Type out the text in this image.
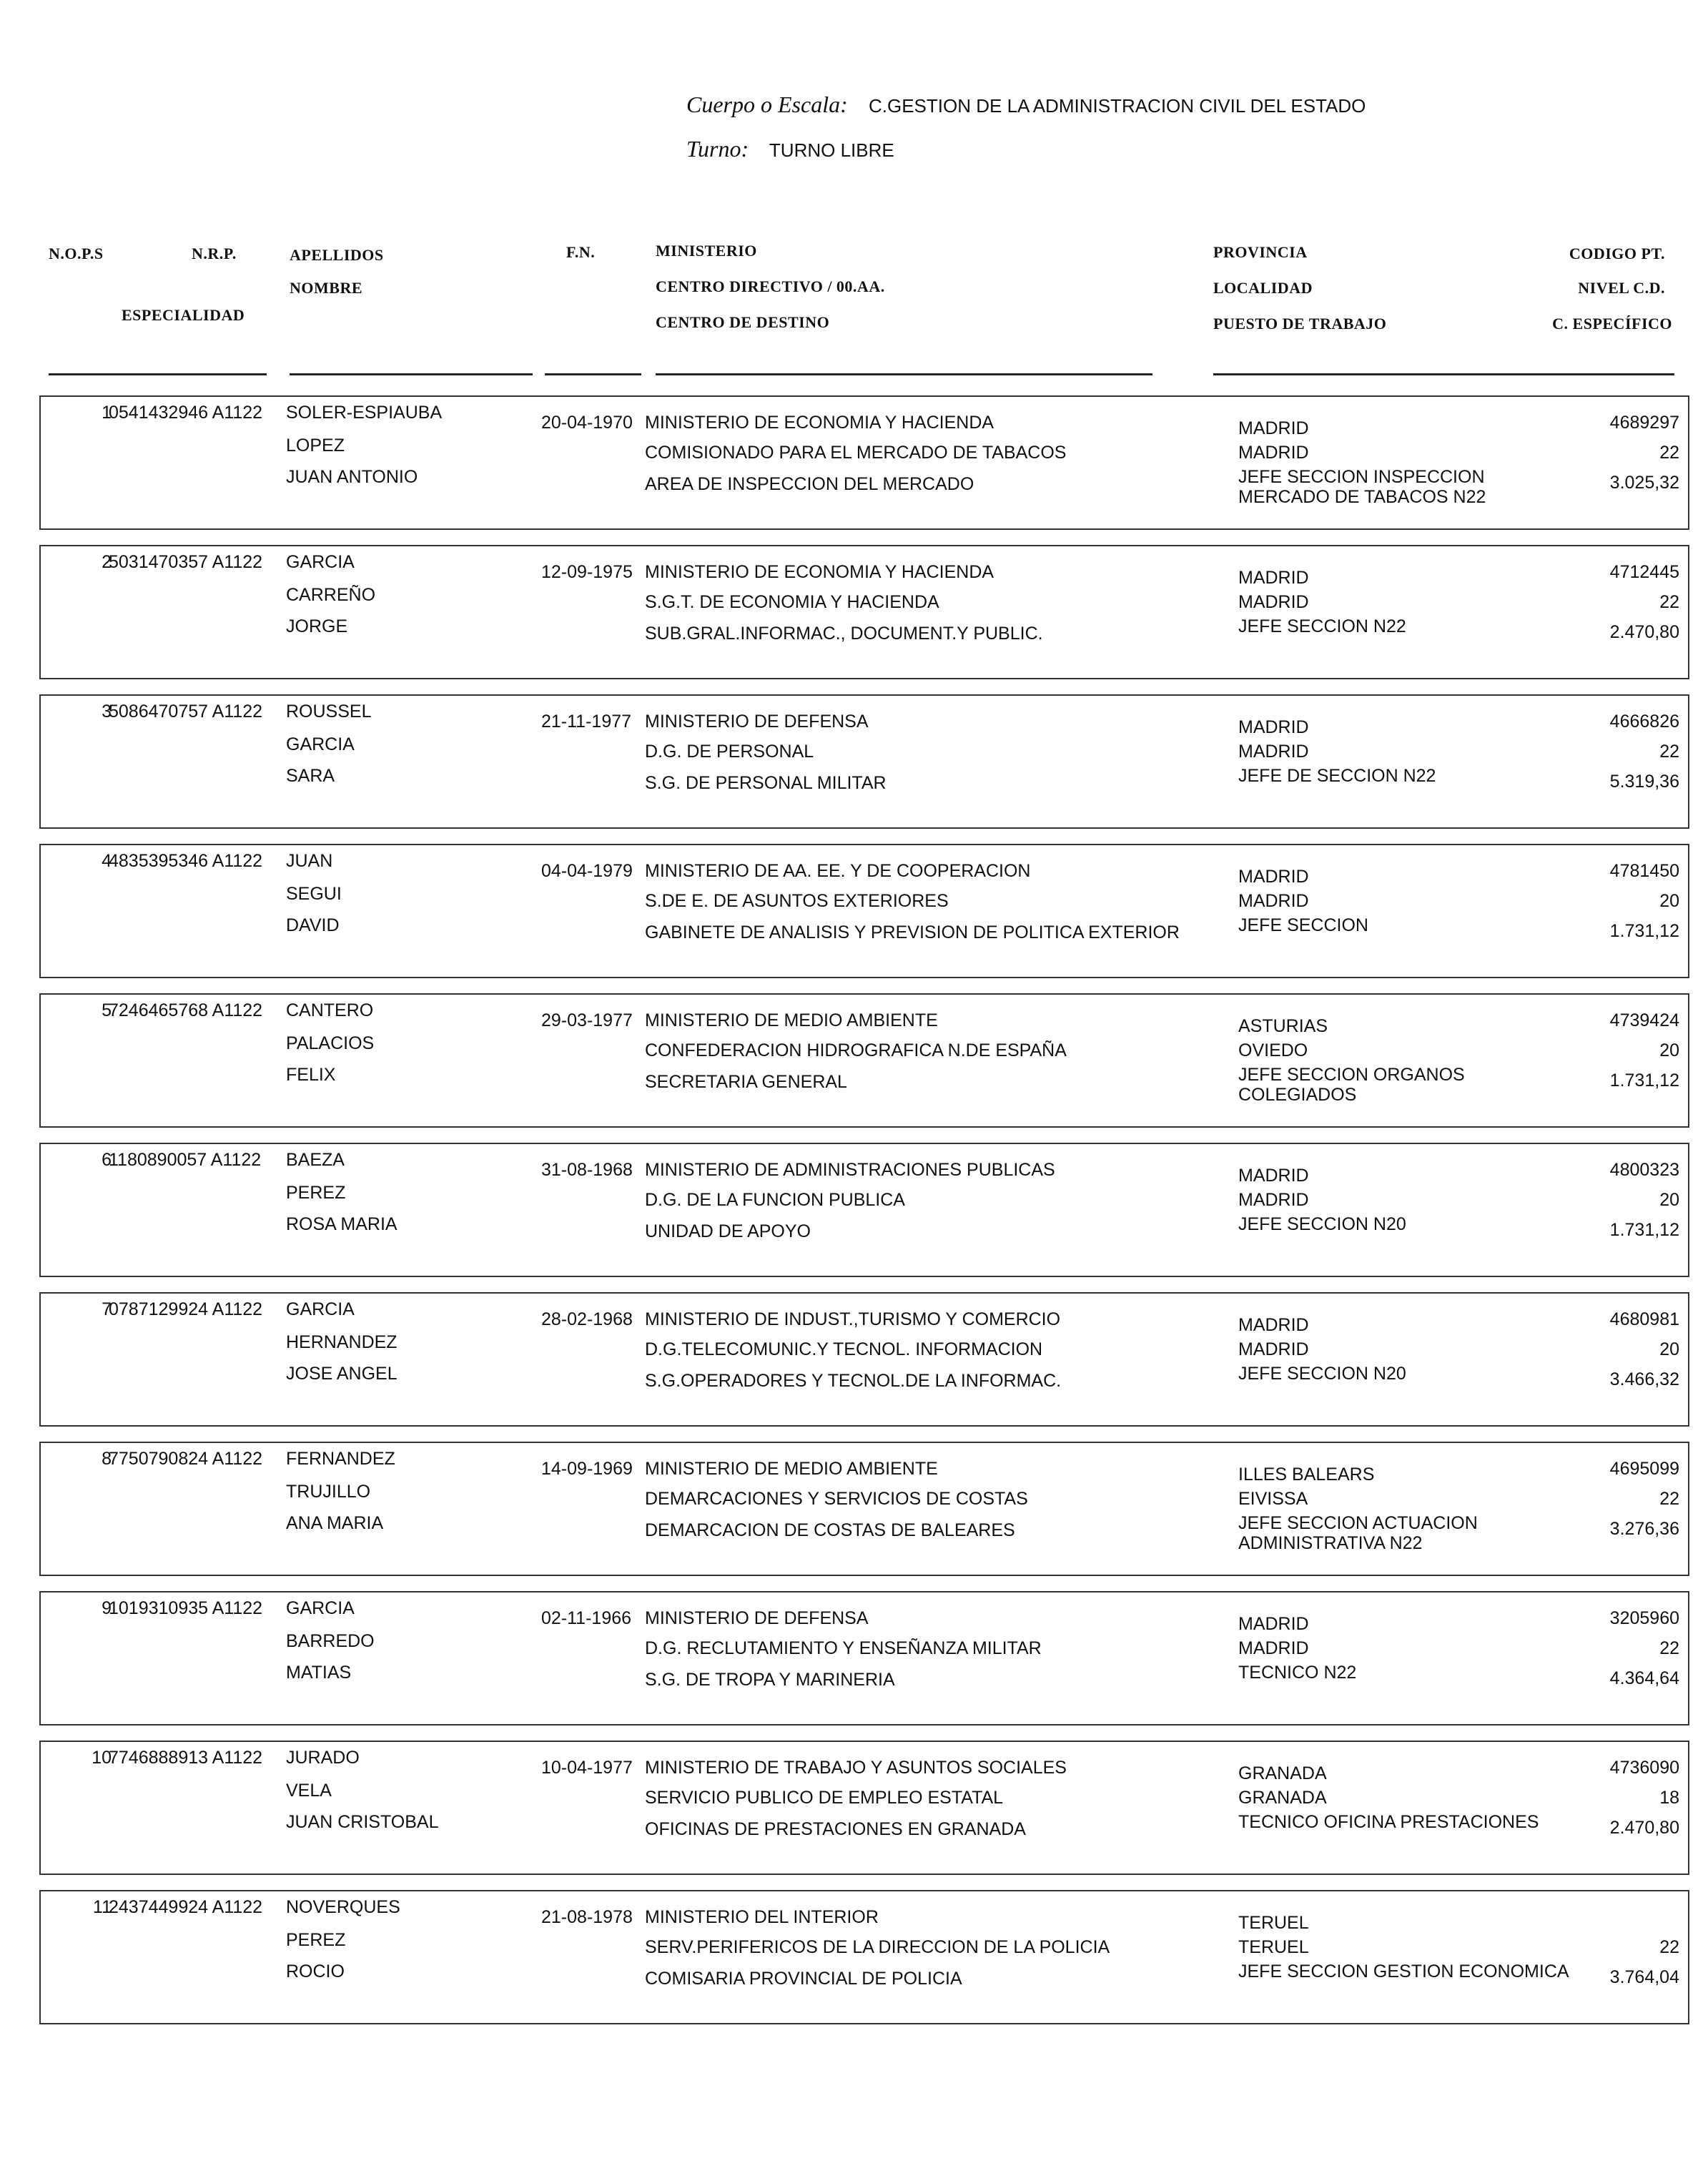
Cuerpo o Escala: C.GESTION DE LA ADMINISTRACION CIVIL DEL ESTADO
Turno: TURNO LIBRE
N.O.P.S	N.R.P.
ESPECIALIDAD
APELLIDOS
NOMBRE
F.N.	MINISTERIO
CENTRO DIRECTIVO / 00.AA.
CENTRO DE DESTINO
PROVINCIA
LOCALIDAD
PUESTO DE TRABAJO
CODIGO PT.
NIVEL C.D.
C. ESPECÍFICO
1
0541432946 A1122 SOLER-ESPIAUBA
LOPEZ
JUAN ANTONIO
20-04-1970 MINISTERIO DE ECONOMIA Y HACIENDA
COMISIONADO PARA EL MERCADO DE TABACOS
AREA DE INSPECCION DEL MERCADO
MADRID
MADRID
JEFE SECCION INSPECCION MERCADO DE TABACOS N22
4689297
22
3.025,32
2
5031470357 A1122 GARCIA
CARREÑO
JORGE
12-09-1975 MINISTERIO DE ECONOMIA Y HACIENDA
S.G.T. DE ECONOMIA Y HACIENDA
SUB.GRAL.INFORMAC., DOCUMENT.Y PUBLIC.
MADRID
MADRID
JEFE SECCION N22
4712445
22
2.470,80
3
5086470757 A1122 ROUSSEL
GARCIA
SARA
21-11-1977 MINISTERIO DE DEFENSA
D.G. DE PERSONAL
S.G. DE PERSONAL MILITAR
MADRID
MADRID
JEFE DE SECCION N22
4666826
22
5.319,36
4
4835395346 A1122 JUAN
SEGUI
DAVID
04-04-1979 MINISTERIO DE AA. EE. Y DE COOPERACION
S.DE E. DE ASUNTOS EXTERIORES
GABINETE DE ANALISIS Y PREVISION DE POLITICA EXTERIOR
MADRID
MADRID
JEFE SECCION
4781450
20
1.731,12
5
7246465768 A1122 CANTERO
PALACIOS
FELIX
29-03-1977 MINISTERIO DE MEDIO AMBIENTE
CONFEDERACION HIDROGRAFICA N.DE ESPAÑA
SECRETARIA GENERAL
ASTURIAS
OVIEDO
JEFE SECCION ORGANOS COLEGIADOS
4739424
20
1.731,12
6
1180890057 A1122 BAEZA
PEREZ
ROSA MARIA
31-08-1968 MINISTERIO DE ADMINISTRACIONES PUBLICAS
D.G. DE LA FUNCION PUBLICA
UNIDAD DE APOYO
MADRID
MADRID
JEFE SECCION N20
4800323
20
1.731,12
7
0787129924 A1122 GARCIA
HERNANDEZ
JOSE ANGEL
28-02-1968 MINISTERIO DE INDUST.,TURISMO Y COMERCIO
D.G.TELECOMUNIC.Y TECNOL. INFORMACION
S.G.OPERADORES Y TECNOL.DE LA INFORMAC.
MADRID
MADRID
JEFE SECCION N20
4680981
20
3.466,32
8
7750790824 A1122 FERNANDEZ
TRUJILLO
ANA MARIA
14-09-1969 MINISTERIO DE MEDIO AMBIENTE
DEMARCACIONES Y SERVICIOS DE COSTAS
DEMARCACION DE COSTAS DE BALEARES
ILLES BALEARS
EIVISSA
JEFE SECCION ACTUACION ADMINISTRATIVA N22
4695099
22
3.276,36
9
1019310935 A1122 GARCIA
BARREDO
MATIAS
02-11-1966 MINISTERIO DE DEFENSA
D.G. RECLUTAMIENTO Y ENSEÑANZA MILITAR
S.G. DE TROPA Y MARINERIA
MADRID
MADRID
TECNICO N22
3205960
22
4.364,64
10
7746888913 A1122 JURADO
VELA
JUAN CRISTOBAL
10-04-1977 MINISTERIO DE TRABAJO Y ASUNTOS SOCIALES
SERVICIO PUBLICO DE EMPLEO ESTATAL
OFICINAS DE PRESTACIONES EN GRANADA
GRANADA
GRANADA
TECNICO OFICINA PRESTACIONES
4736090
18
2.470,80
11
2437449924 A1122 NOVERQUES
PEREZ
ROCIO
21-08-1978 MINISTERIO DEL INTERIOR
SERV.PERIFERICOS DE LA DIRECCION DE LA POLICIA
COMISARIA PROVINCIAL DE POLICIA
TERUEL
TERUEL
JEFE SECCION GESTION ECONOMICA
22
3.764,04
